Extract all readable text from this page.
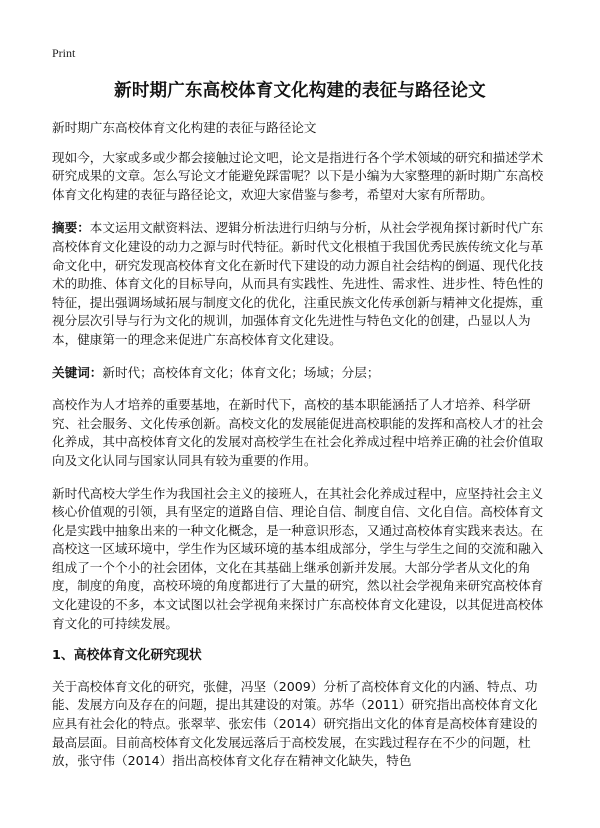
Print
新时期广东高校体育文化构建的表征与路径论文

新时期广东高校体育文化构建的表征与路径论文

现如今，大家或多或少都会接触过论文吧，论文是指进行各个学术领域的研究和描述学术研究成果的文章。怎么写论文才能避免踩雷呢？以下是小编为大家整理的新时期广东高校体育文化构建的表征与路径论文，欢迎大家借鉴与参考，希望对大家有所帮助。

摘要：本文运用文献资料法、逻辑分析法进行归纳与分析，从社会学视角探讨新时代广东高校体育文化建设的动力之源与时代特征。新时代文化根植于我国优秀民族传统文化与革命文化中，研究发现高校体育文化在新时代下建设的动力源自社会结构的倒逼、现代化技术的助推、体育文化的目标导向，从而具有实践性、先进性、需求性、进步性、特色性的特征，提出强调场域拓展与制度文化的优化，注重民族文化传承创新与精神文化提炼，重视分层次引导与行为文化的规训，加强体育文化先进性与特色文化的创建，凸显以人为本，健康第一的理念来促进广东高校体育文化建设。

关键词：新时代；高校体育文化；体育文化；场域；分层；

高校作为人才培养的重要基地，在新时代下，高校的基本职能涵括了人才培养、科学研究、社会服务、文化传承创新。高校文化的发展能促进高校职能的发挥和高校人才的社会化养成，其中高校体育文化的发展对高校学生在社会化养成过程中培养正确的社会价值取向及文化认同与国家认同具有较为重要的作用。

新时代高校大学生作为我国社会主义的接班人，在其社会化养成过程中，应坚持社会主义核心价值观的引领，具有坚定的道路自信、理论自信、制度自信、文化自信。高校体育文化是实践中抽象出来的一种文化概念，是一种意识形态，又通过高校体育实践来表达。在高校这一区域环境中，学生作为区域环境的基本组成部分，学生与学生之间的交流和融入组成了一个个小的社会团体，文化在其基础上继承创新并发展。大部分学者从文化的角度，制度的角度，高校环境的角度都进行了大量的研究，然以社会学视角来研究高校体育文化建设的不多，本文试图以社会学视角来探讨广东高校体育文化建设，以其促进高校体育文化的可持续发展。

1、高校体育文化研究现状

关于高校体育文化的研究，张健，冯坚（2009）分析了高校体育文化的内涵、特点、功能、发展方向及存在的问题，提出其建设的对策。苏华（2011）研究指出高校体育文化应具有社会化的特点。张翠苹、张宏伟（2014）研究指出文化的体育是高校体育建设的最高层面。目前高校体育文化发展远落后于高校发展，在实践过程存在不少的问题，杜放，张守伟（2014）指出高校体育文化存在精神文化缺失，特色
